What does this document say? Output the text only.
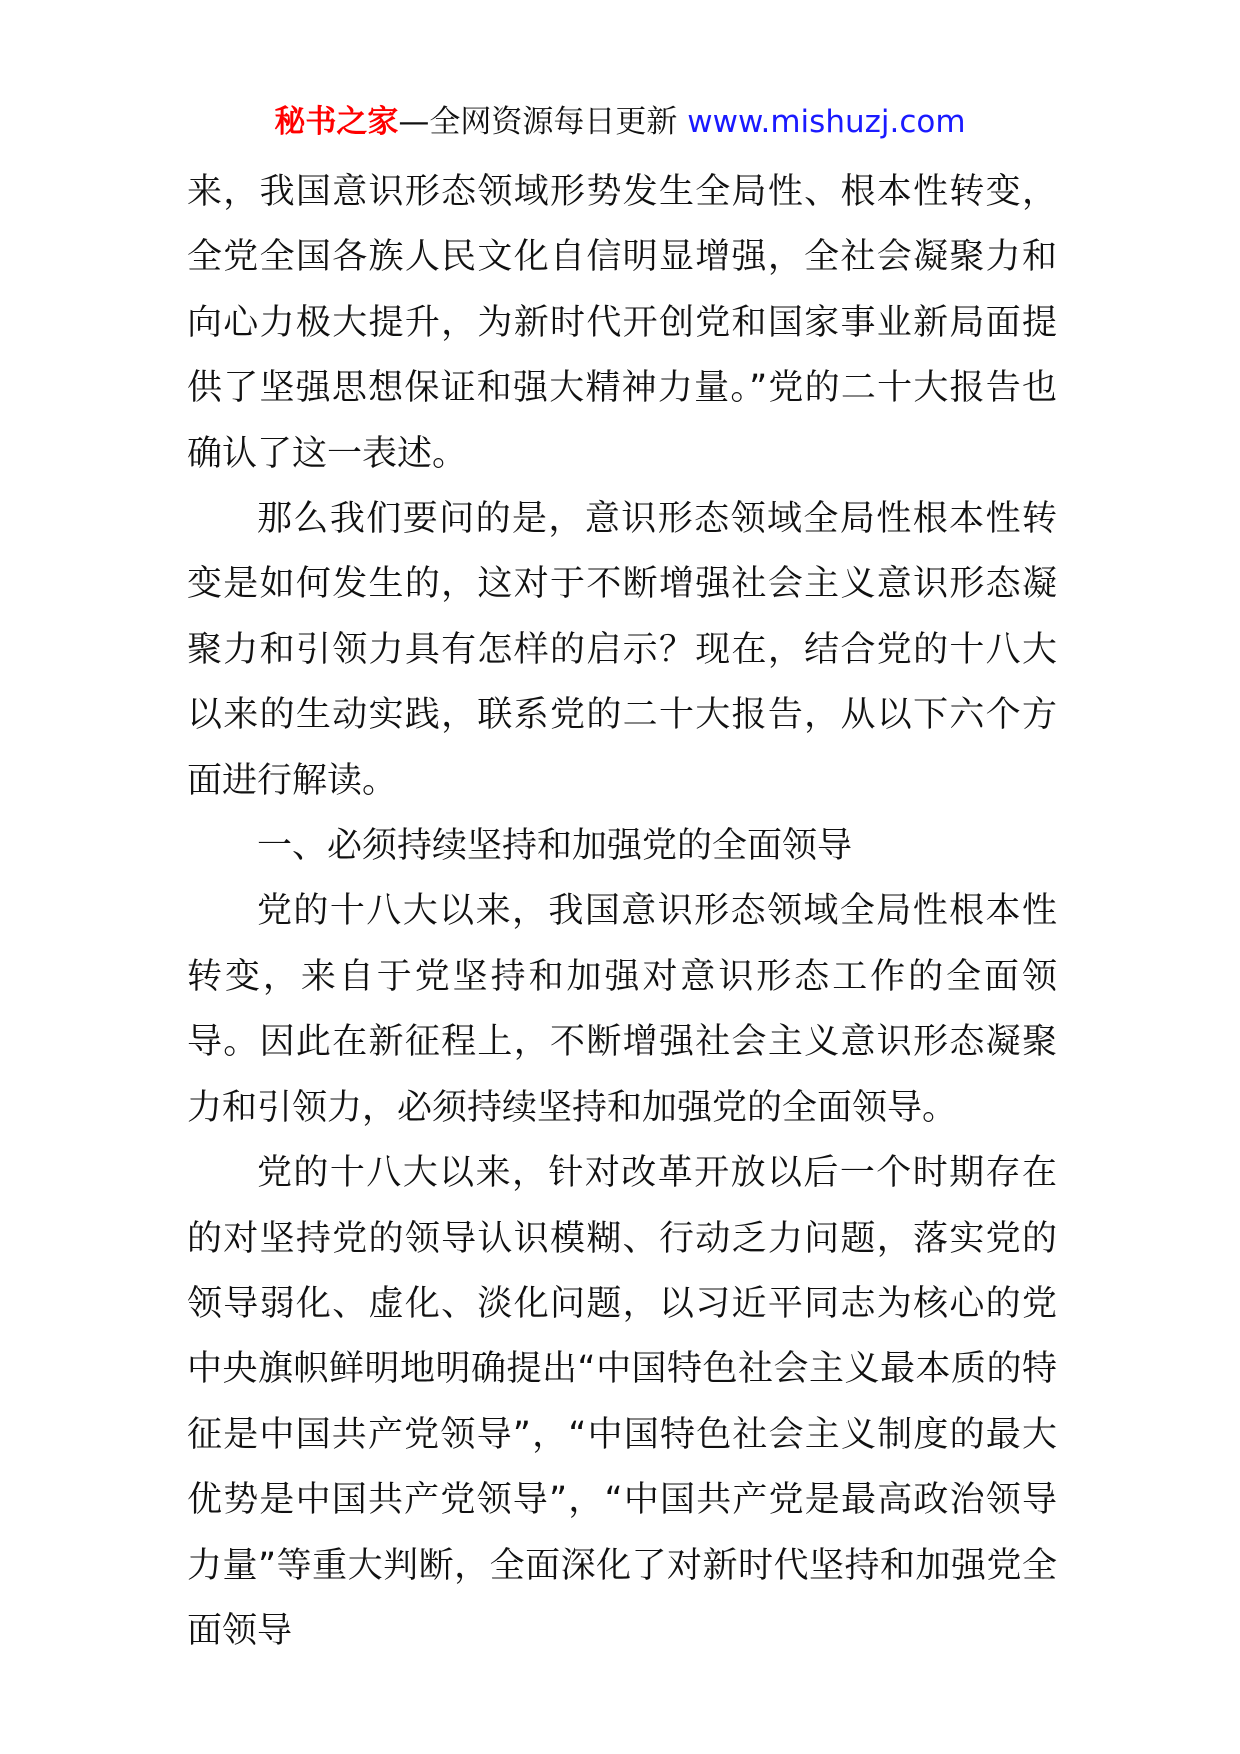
秘书之家—全网资源每日更新 www.mishuzj.com

来，我国意识形态领域形势发生全局性、根本性转变，全党全国各族人民文化自信明显增强，全社会凝聚力和向心力极大提升，为新时代开创党和国家事业新局面提供了坚强思想保证和强大精神力量。”党的二十大报告也确认了这一表述。

那么我们要问的是，意识形态领域全局性根本性转变是如何发生的，这对于不断增强社会主义意识形态凝聚力和引领力具有怎样的启示？现在，结合党的十八大以来的生动实践，联系党的二十大报告，从以下六个方面进行解读。

一、必须持续坚持和加强党的全面领导

党的十八大以来，我国意识形态领域全局性根本性转变，来自于党坚持和加强对意识形态工作的全面领导。因此在新征程上，不断增强社会主义意识形态凝聚力和引领力，必须持续坚持和加强党的全面领导。

党的十八大以来，针对改革开放以后一个时期存在的对坚持党的领导认识模糊、行动乏力问题，落实党的领导弱化、虚化、淡化问题，以习近平同志为核心的党中央旗帜鲜明地明确提出“中国特色社会主义最本质的特征是中国共产党领导”，“中国特色社会主义制度的最大优势是中国共产党领导”，“中国共产党是最高政治领导力量”等重大判断，全面深化了对新时代坚持和加强党全面领导
